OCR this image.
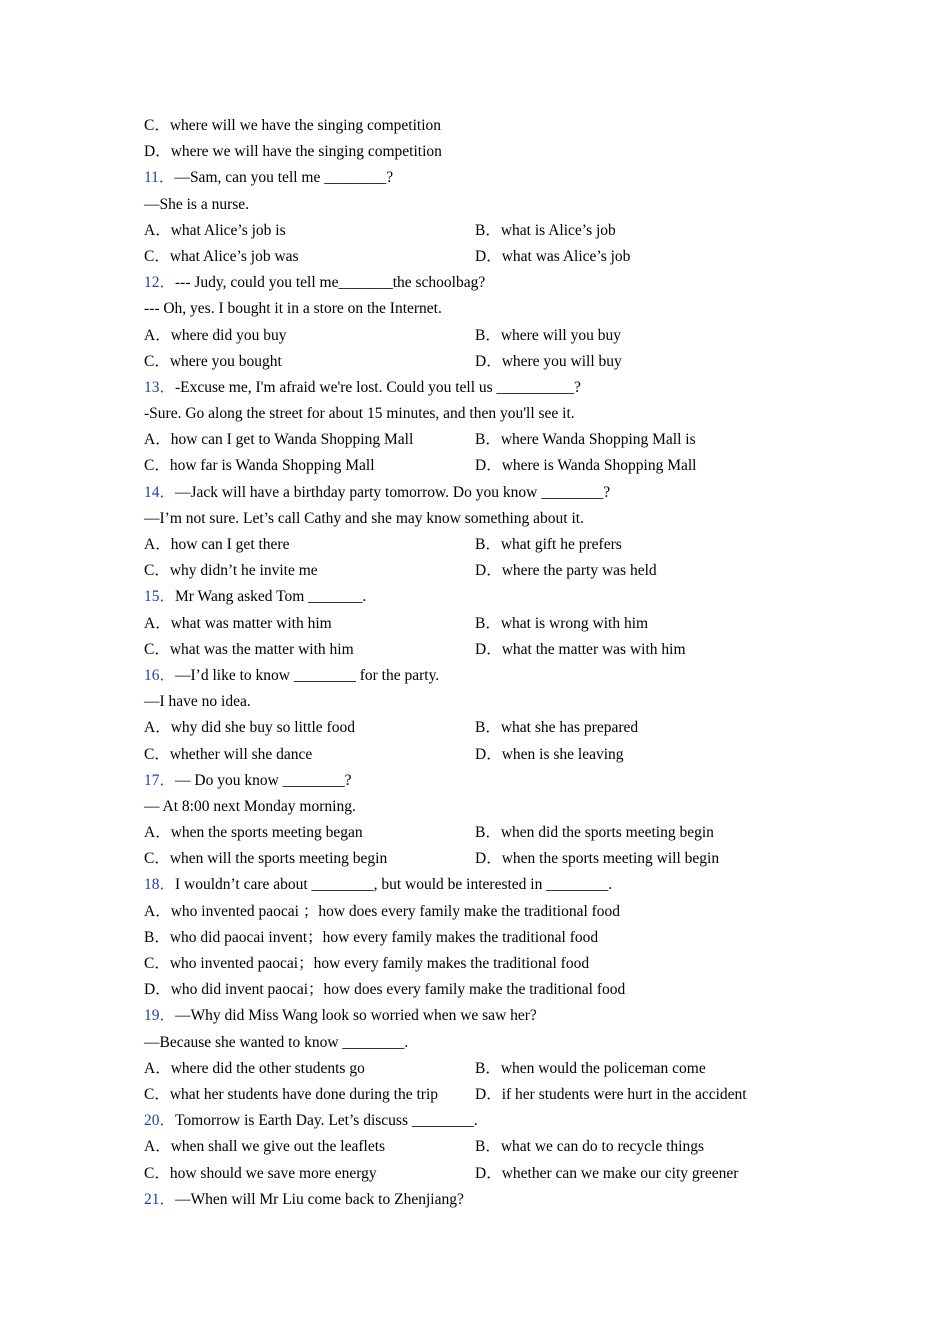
C．where will we have the singing competition
D．where we will have the singing competition
11．—Sam, can you tell me ________?
—She is a nurse.
A．what Alice’s job is	B．what is Alice’s job
C．what Alice’s job was	D．what was Alice’s job
12．--- Judy, could you tell me_______the schoolbag?
--- Oh, yes. I bought it in a store on the Internet.
A．where did you buy	B．where will you buy
C．where you bought	D．where you will buy
13．-Excuse me, I'm afraid we're lost. Could you tell us __________?
-Sure. Go along the street for about 15 minutes, and then you'll see it.
A．how can I get to Wanda Shopping Mall	B．where Wanda Shopping Mall is
C．how far is Wanda Shopping Mall	D．where is Wanda Shopping Mall
14．—Jack will have a birthday party tomorrow. Do you know ________?
—I’m not sure. Let’s call Cathy and she may know something about it.
A．how can I get there	B．what gift he prefers
C．why didn’t he invite me	D．where the party was held
15．Mr Wang asked Tom _______.
A．what was matter with him	B．what is wrong with him
C．what was the matter with him	D．what the matter was with him
16．—I’d like to know ________ for the party.
—I have no idea.
A．why did she buy so little food	B．what she has prepared
C．whether will she dance	D．when is she leaving
17．— Do you know ________?
— At 8:00 next Monday morning.
A．when the sports meeting began	B．when did the sports meeting begin
C．when will the sports meeting begin	D．when the sports meeting will begin
18．I wouldn’t care about ________, but would be interested in ________.
A．who invented paocai ；how does every family make the traditional food
B．who did paocai invent；how every family makes the traditional food
C．who invented paocai；how every family makes the traditional food
D．who did invent paocai；how does every family make the traditional food
19．—Why did Miss Wang look so worried when we saw her?
—Because she wanted to know ________.
A．where did the other students go	B．when would the policeman come
C．what her students have done during the trip D．if her students were hurt in the accident
20．Tomorrow is Earth Day. Let’s discuss ________.
A．when shall we give out the leaflets	B．what we can do to recycle things
C．how should we save more energy	D．whether can we make our city greener
21．—When will Mr Liu come back to Zhenjiang?
